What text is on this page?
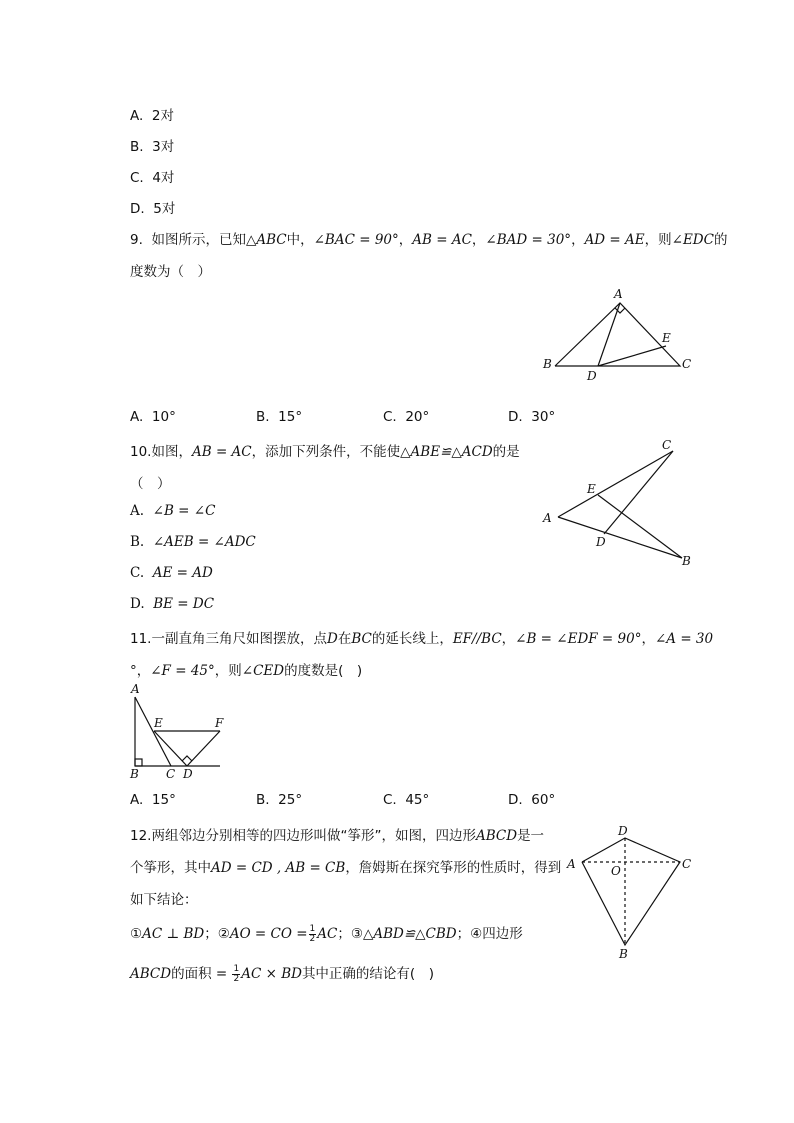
A. 2对
B. 3对
C. 4对
D. 5对
9. 如图所示，已知△ABC中，∠BAC = 90°，AB = AC，∠BAD = 30°，AD = AE，则∠EDC的
度数为（　）
A
B	C
D
E
A. 10°	B. 15°	C. 20°	D. 30°
10.如图，AB = AC，添加下列条件，不能使△ABE≌△ACD的是
（　）
A. ∠B = ∠C
B. ∠AEB = ∠ADC
C. AE = AD
D. BE = DC
C
E
A
D
B
11.一副直角三角尺如图摆放，点D在BC的延长线上，EF//BC，∠B = ∠EDF = 90°，∠A = 30
°，∠F = 45°，则∠CED的度数是(　)
A
E	F
B C D
A. 15°	B. 25°	C. 45°	D. 60°
12.两组邻边分别相等的四边形叫做“筝形”，如图，四边形ABCD是一
个筝形，其中AD = CD , AB = CB，詹姆斯在探究筝形的性质时，得到
如下结论：
①AC ⊥ BD；②AO = CO = $\frac{1}{2}$ AC；③△ABD≌△CBD；④四边形
ABCD的面积 = $\frac{1}{2}$ AC × BD其中正确的结论有(　)
D
A	C
O
B
